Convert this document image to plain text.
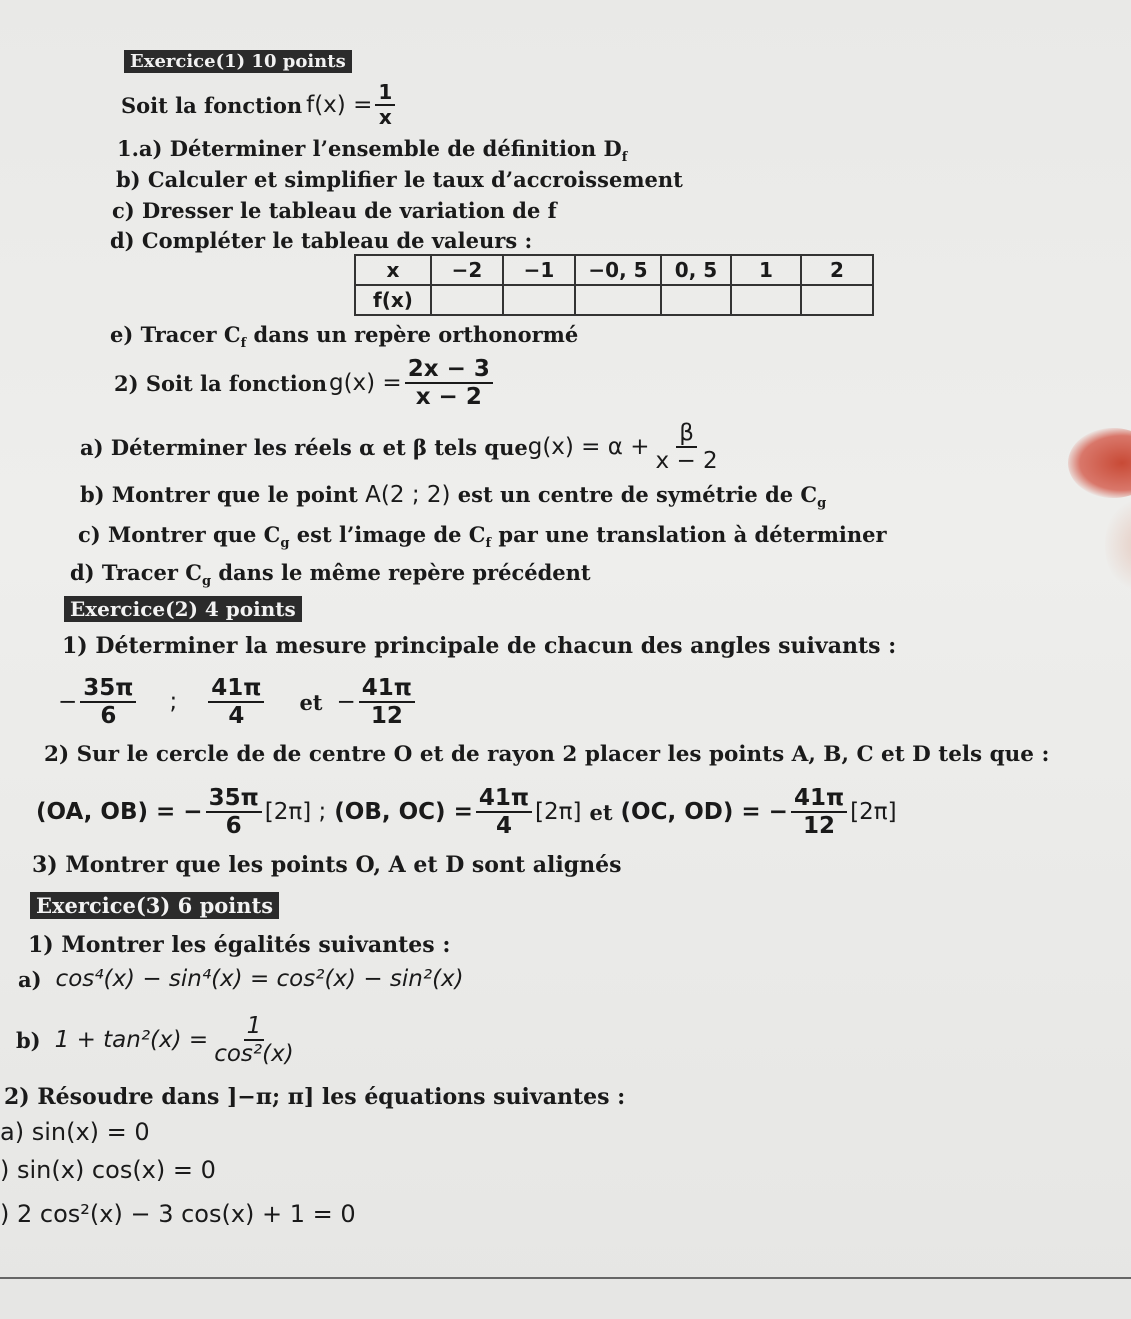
Exercice(1) 10 points
Soit la fonction $f(x) = \frac{1}{x}$
1.a) Déterminer l’ensemble de définition $D_f$
b) Calculer et simplifier le taux d’accroissement
c) Dresser le tableau de variation de f
d) Compléter le tableau de valeurs :
x	−2	−1	−0, 5	0, 5	1	2
f(x)						
e) Tracer $C_f$ dans un repère orthonormé
2) Soit la fonction $g(x) = \frac{2x - 3}{x - 2}$
a) Déterminer les réels α et β tels que $g(x) = \alpha + \frac{\beta}{x - 2}$
b) Montrer que le point A(2 ; 2) est un centre de symétrie de $C_g$
c) Montrer que $C_g$ est l’image de $C_f$ par une translation à déterminer
d) Tracer $C_g$ dans le même repère précédent
Exercice(2) 4 points
1) Déterminer la mesure principale de chacun des angles suivants :
− $\frac{35\pi}{6}$ ; $\frac{41\pi}{4}$ et − $\frac{41\pi}{12}$
2) Sur le cercle de de centre O et de rayon 2 placer les points A, B, C et D tels que :
(OA, OB) = − $\frac{35\pi}{6} [2\pi]$ ; (OB, $OC) = \frac{41\pi}{4} [2\pi]$ et (OC, OD) = − $\frac{41\pi}{12} [2\pi]$
3) Montrer que les points O, A et D sont alignés
Exercice(3) 6 points
1) Montrer les égalités suivantes :
a) cos⁴(x) − sin⁴(x) = cos²(x) − sin²(x)
b) $1 + \tan^2(x) = \frac{1}{\text{cos²(x)}}$
2) Résoudre dans ]−π; π] les équations suivantes :
a) sin(x) = 0
) sin(x) cos(x) = 0
) 2 cos²(x) − 3 cos(x) + 1 = 0
